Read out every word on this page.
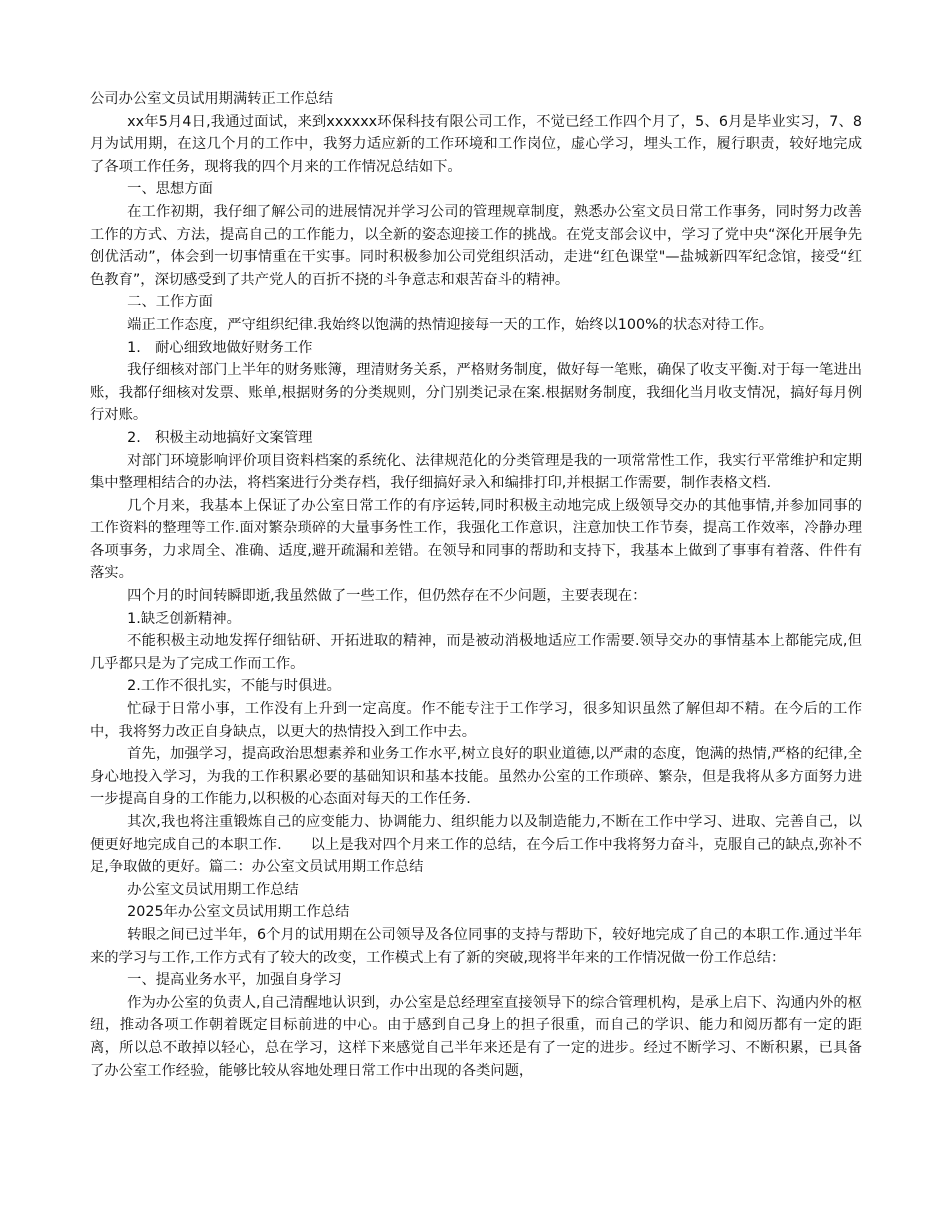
公司办公室文员试用期满转正工作总结

xx年5月4日,我通过面试，来到xxxxxx环保科技有限公司工作，不觉已经工作四个月了，5、6月是毕业实习，7、8月为试用期，在这几个月的工作中，我努力适应新的工作环境和工作岗位，虚心学习，埋头工作，履行职责，较好地完成了各项工作任务，现将我的四个月来的工作情况总结如下。

一、思想方面

在工作初期，我仔细了解公司的进展情况并学习公司的管理规章制度，熟悉办公室文员日常工作事务，同时努力改善工作的方式、方法，提高自己的工作能力，以全新的姿态迎接工作的挑战。在党支部会议中，学习了党中央“深化开展争先创优活动”，体会到一切事情重在干实事。同时积极参加公司党组织活动，走进“红色课堂"—盐城新四军纪念馆，接受“红色教育”，深切感受到了共产党人的百折不挠的斗争意志和艰苦奋斗的精神。

二、工作方面

端正工作态度，严守组织纪律.我始终以饱满的热情迎接每一天的工作，始终以100%的状态对待工作。

1.　耐心细致地做好财务工作

我仔细核对部门上半年的财务账簿，理清财务关系，严格财务制度，做好每一笔账，确保了收支平衡.对于每一笔进出账，我都仔细核对发票、账单,根据财务的分类规则，分门别类记录在案.根据财务制度，我细化当月收支情况，搞好每月例行对账。

2.　积极主动地搞好文案管理

对部门环境影响评价项目资料档案的系统化、法律规范化的分类管理是我的一项常常性工作，我实行平常维护和定期集中整理相结合的办法，将档案进行分类存档，我仔细搞好录入和编排打印,并根据工作需要，制作表格文档.

几个月来，我基本上保证了办公室日常工作的有序运转,同时积极主动地完成上级领导交办的其他事情,并参加同事的工作资料的整理等工作.面对繁杂琐碎的大量事务性工作，我强化工作意识，注意加快工作节奏，提高工作效率，冷静办理各项事务，力求周全、准确、适度,避开疏漏和差错。在领导和同事的帮助和支持下，我基本上做到了事事有着落、件件有落实。

四个月的时间转瞬即逝,我虽然做了一些工作，但仍然存在不少问题，主要表现在：

1.缺乏创新精神。

不能积极主动地发挥仔细钻研、开拓进取的精神，而是被动消极地适应工作需要.领导交办的事情基本上都能完成,但几乎都只是为了完成工作而工作。

2.工作不很扎实，不能与时俱进。

忙碌于日常小事，工作没有上升到一定高度。作不能专注于工作学习，很多知识虽然了解但却不精。在今后的工作中，我将努力改正自身缺点，以更大的热情投入到工作中去。

首先，加强学习，提高政治思想素养和业务工作水平,树立良好的职业道德,以严肃的态度，饱满的热情,严格的纪律,全身心地投入学习，为我的工作积累必要的基础知识和基本技能。虽然办公室的工作琐碎、繁杂，但是我将从多方面努力进一步提高自身的工作能力,以积极的心态面对每天的工作任务.

其次,我也将注重锻炼自己的应变能力、协调能力、组织能力以及制造能力,不断在工作中学习、进取、完善自己，以便更好地完成自己的本职工作.　　以上是我对四个月来工作的总结，在今后工作中我将努力奋斗，克服自己的缺点,弥补不足,争取做的更好。篇二：办公室文员试用期工作总结

办公室文员试用期工作总结

2025年办公室文员试用期工作总结

转眼之间已过半年，6个月的试用期在公司领导及各位同事的支持与帮助下，较好地完成了自己的本职工作.通过半年来的学习与工作,工作方式有了较大的改变，工作模式上有了新的突破,现将半年来的工作情况做一份工作总结：

一、提高业务水平，加强自身学习

作为办公室的负责人,自己清醒地认识到，办公室是总经理室直接领导下的综合管理机构，是承上启下、沟通内外的枢纽，推动各项工作朝着既定目标前进的中心。由于感到自己身上的担子很重，而自己的学识、能力和阅历都有一定的距离，所以总不敢掉以轻心，总在学习，这样下来感觉自己半年来还是有了一定的进步。经过不断学习、不断积累，已具备了办公室工作经验，能够比较从容地处理日常工作中出现的各类问题，
